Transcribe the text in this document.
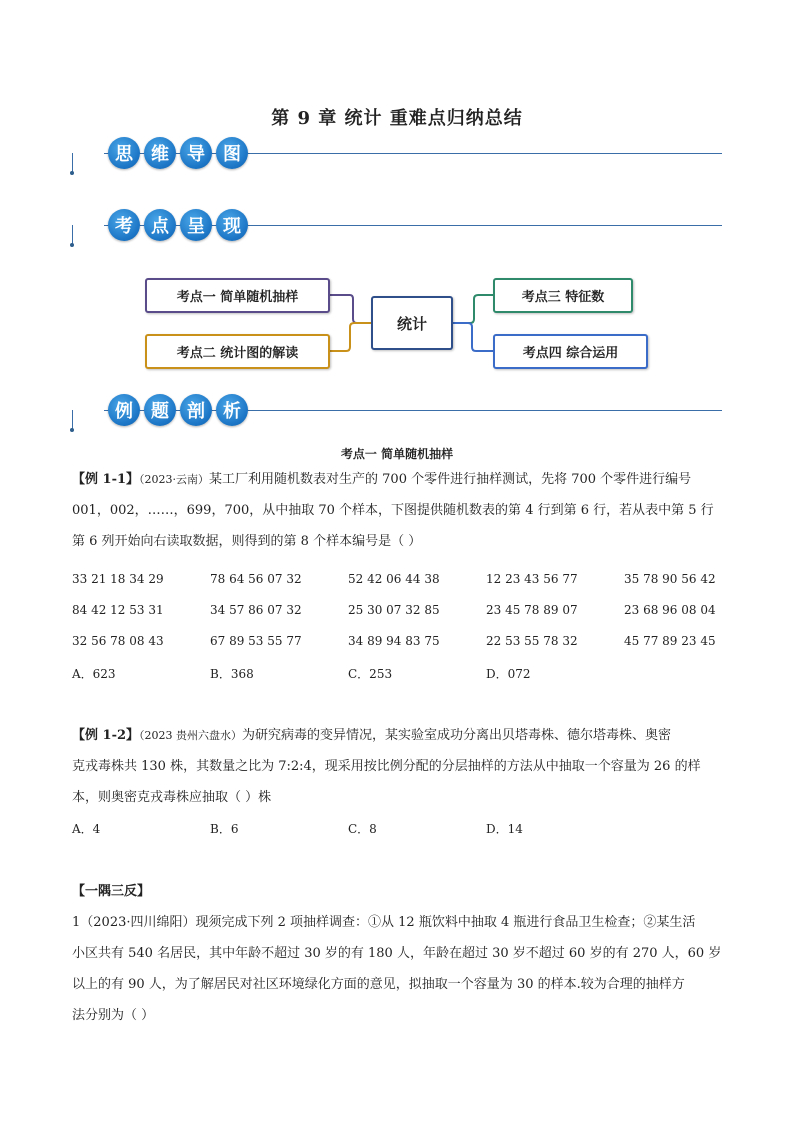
第 9 章 统计 重难点归纳总结
思	维	导	图
考	点	呈	现
考点一 简单随机抽样
考点二 统计图的解读
统计
考点三 特征数
考点四 综合运用
例	题	剖	析
考点一 简单随机抽样

【例 1-1】（2023·云南）某工厂利用随机数表对生产的 700 个零件进行抽样测试，先将 700 个零件进行编号

001，002，……，699，700，从中抽取 70 个样本，下图提供随机数表的第 4 行到第 6 行，若从表中第 5 行

第 6 列开始向右读取数据，则得到的第 8 个样本编号是（ ）

33 21 18 34 29	78 64 56 07 32	52 42 06 44 38	12 23 43 56 77	35 78 90 56 42
84 42 12 53 31	34 57 86 07 32	25 30 07 32 85	23 45 78 89 07	23 68 96 08 04
32 56 78 08 43	67 89 53 55 77	34 89 94 83 75	22 53 55 78 32	45 77 89 23 45
A．623	B．368	C．253	D．072

【例 1-2】（2023 贵州六盘水）为研究病毒的变异情况，某实验室成功分离出贝塔毒株、德尔塔毒株、奥密

克戎毒株共 130 株，其数量之比为 7:2:4，现采用按比例分配的分层抽样的方法从中抽取一个容量为 26 的样

本，则奥密克戎毒株应抽取（ ）株

A．4	B．6	C．8	D．14
【一隅三反】

1（2023·四川绵阳）现须完成下列 2 项抽样调查：①从 12 瓶饮料中抽取 4 瓶进行食品卫生检查；②某生活

小区共有 540 名居民，其中年龄不超过 30 岁的有 180 人，年龄在超过 30 岁不超过 60 岁的有 270 人，60 岁

以上的有 90 人，为了解居民对社区环境绿化方面的意见，拟抽取一个容量为 30 的样本.较为合理的抽样方

法分别为（ ）
